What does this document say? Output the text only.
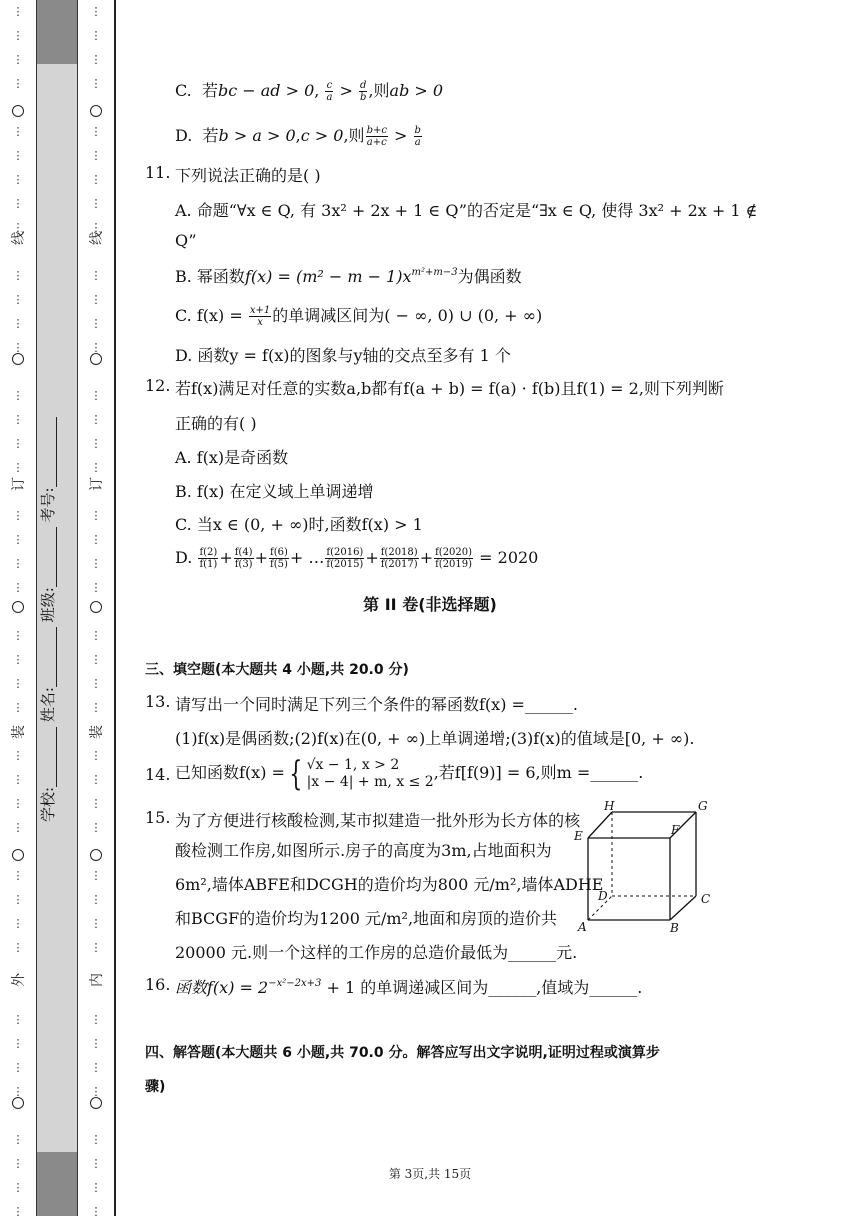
⋮
⋮
⋮
⋮
⋮
⋮
⋮
⋮
⋮
⋮
⋮
⋮
⋮
⋮
⋮
⋮
⋮
⋮
⋮
⋮
⋮
⋮
⋮
⋮
⋮
⋮
⋮
⋮
⋮
⋮
⋮
⋮
⋮
⋮
⋮
⋮
⋮
⋮
⋮
⋮
⋮
外
装
订
线
学校: 姓名: 班级: 考号:
⋮
⋮
⋮
⋮
⋮
⋮
⋮
⋮
⋮
⋮
⋮
⋮
⋮
⋮
⋮
⋮
⋮
⋮
⋮
⋮
⋮
⋮
⋮
⋮
⋮
⋮
⋮
⋮
⋮
⋮
⋮
⋮
⋮
⋮
⋮
⋮
⋮
⋮
⋮
⋮
⋮
内
装
订
线
C. 若bc − ad > 0, $\frac{c}{a} > \frac{d}{b}$ ,则ab > 0
D. 若b > a > 0,c > 0,则 $\frac{b+c}{a+c} > \frac{b}{a}$
11. 下列说法正确的是( )
A. 命题“∀x ∈ Q, 有 3x² + 2x + 1 ∈ Q”的否定是“∃x ∈ Q, 使得 3x² + 2x + 1 ∉
Q”
B. 幂函数$f(x) = (m^2 - m - 1)x^{m^2+m-3}$为偶函数
C. $f(x) = \frac{x+1}{x}$ 的单调减区间为( − ∞, 0) ∪ (0, + ∞)
D. 函数y = f(x)的图象与y轴的交点至多有 1 个
12. 若f(x)满足对任意的实数a,b都有f(a + b) = f(a) · f(b)且f(1) = 2,则下列判断
正确的有( )
A. f(x)是奇函数
B. f(x) 在定义域上单调递增
C. 当x ∈ (0, + ∞)时,函数f(x) > 1
D. $\frac{f(2)}{f(1)} + \frac{f(4)}{f(3)} + \frac{f(6)}{f(5)}$ + … $\frac{f(2016)}{f(2015)} + \frac{f(2018)}{f(2017)} + \frac{f(2020)}{f(2019)} = 2020$
第 II 卷(非选择题)
三、填空题(本大题共 4 小题,共 20.0 分)
13. 请写出一个同时满足下列三个条件的幂函数f(x) =______.
(1)f(x)是偶函数;(2)f(x)在(0, + ∞)上单调递增;(3)f(x)的值域是[0, + ∞).
14. 已知函数f(x) = { √x − 1, x > 2
|x − 4| + m, x ≤ 2 ,若f[f(9)] = 6,则m =______.
15. 为了方便进行核酸检测,某市拟建造一批外形为长方体的核
酸检测工作房,如图所示.房子的高度为3m,占地面积为
6m²,墙体ABFE和DCGH的造价均为800 元/m²,墙体ADHE
和BCGF的造价均为1200 元/m²,地面和房顶的造价共
20000 元.则一个这样的工作房的总造价最低为______元.
H	G
E	F
D	C
A	B
16. 函数$f(x) = 2^{-x^2-2x+3} + 1$ 的单调递减区间为______,值域为______.
四、解答题(本大题共 6 小题,共 70.0 分。解答应写出文字说明,证明过程或演算步
骤)
第 3页,共 15页
